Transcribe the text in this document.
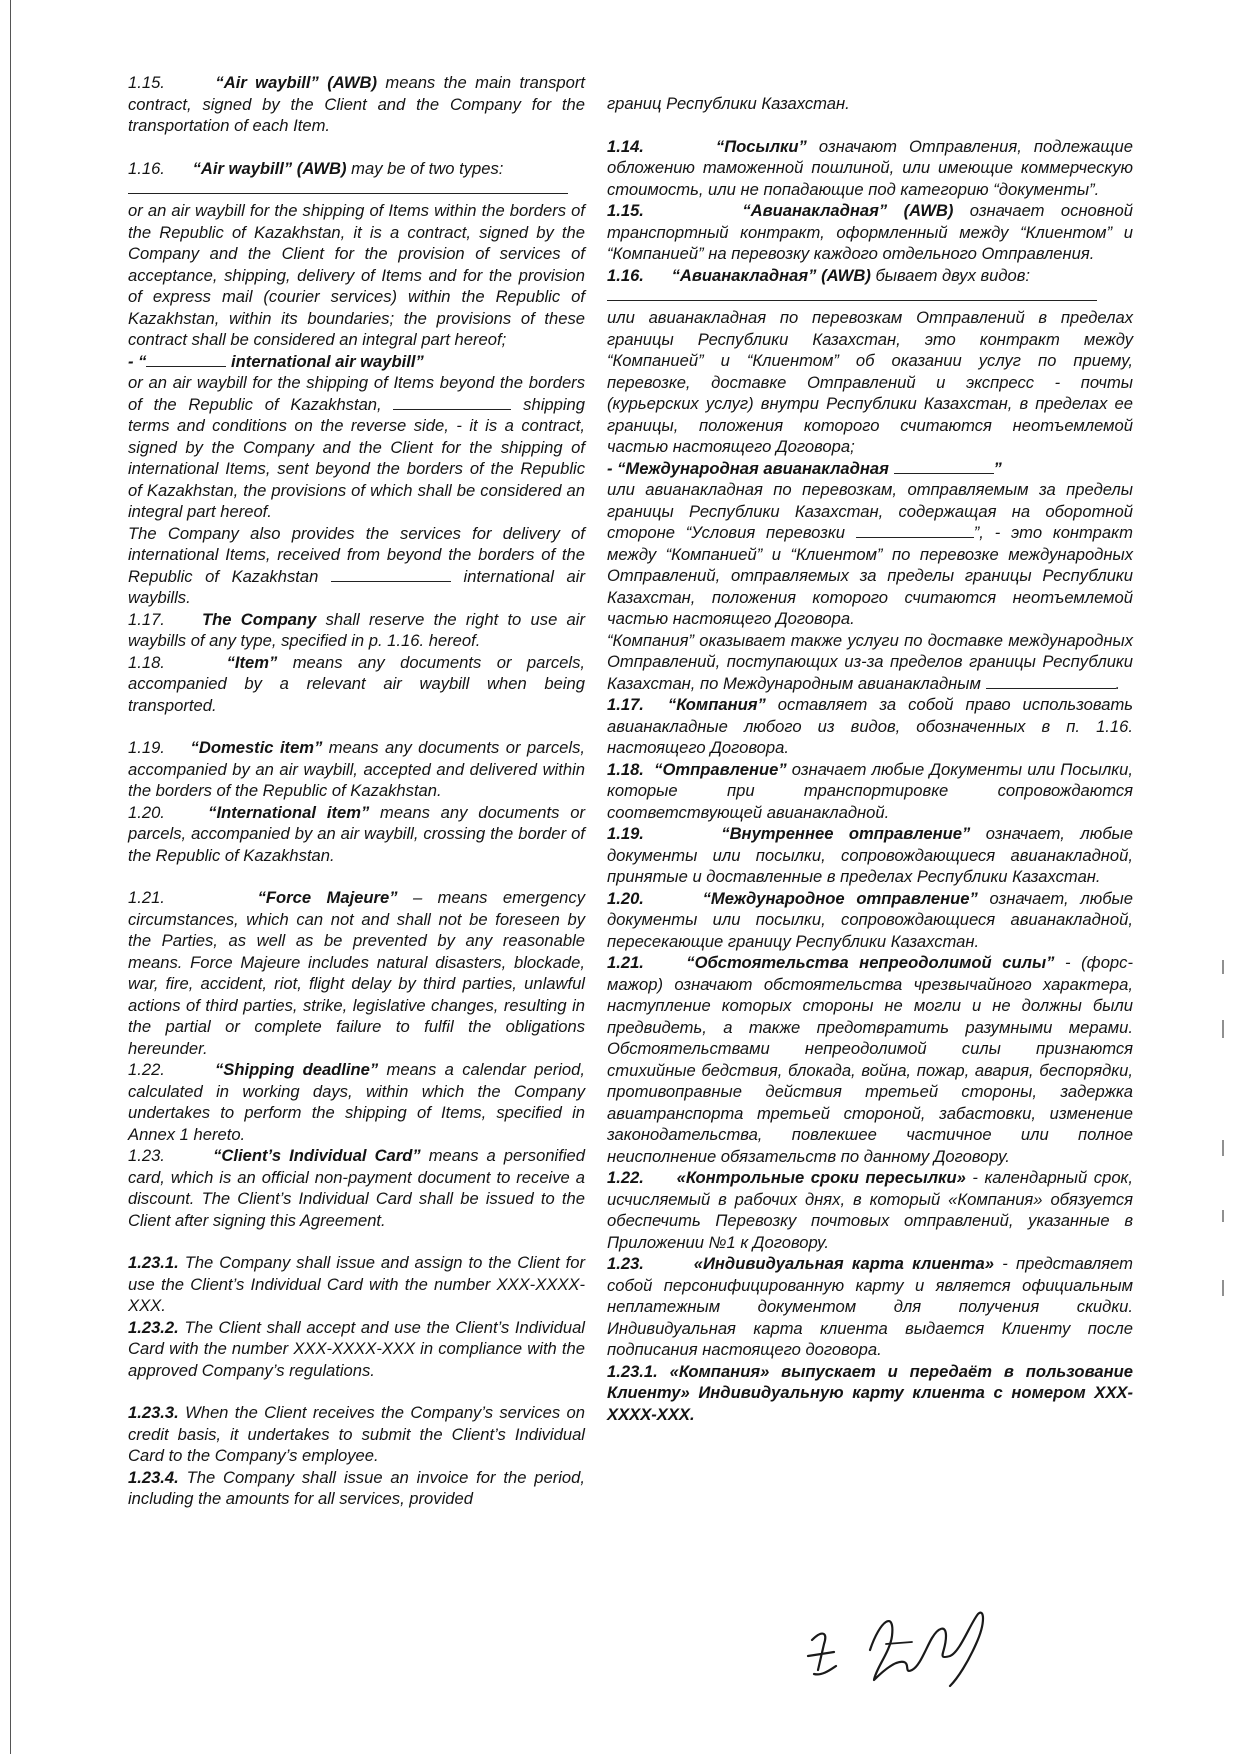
1.15.	“Air waybill” (AWB) means the main transport contract, signed by the Client and the Company for the transportation of each Item.

1.16. “Air waybill” (AWB) may be of two types:

or an air waybill for the shipping of Items within the borders of the Republic of Kazakhstan, it is a contract, signed by the Company and the Client for the provision of services of acceptance, shipping, delivery of Items and for the provision of express mail (courier services) within the Republic of Kazakhstan, within its boundaries; the provisions of these contract shall be considered an integral part hereof;

- “	international air waybill”

or an air waybill for the shipping of Items beyond the borders of the Republic of Kazakhstan,	shipping terms and conditions on the reverse side, - it is a contract, signed by the Company and the Client for the shipping of international Items, sent beyond the borders of the Republic of Kazakhstan, the provisions of which shall be considered an integral part hereof.

The Company also provides the services for delivery of international Items, received from beyond the borders of the Republic of Kazakhstan	international air waybills.

1.17. The Company shall reserve the right to use air waybills of any type, specified in p. 1.16. hereof.

1.18.	“Item” means any documents or parcels, accompanied by a relevant air waybill when being transported.

1.19. “Domestic item” means any documents or parcels, accompanied by an air waybill, accepted and delivered within the borders of the Republic of Kazakhstan.

1.20.	“International item” means any documents or parcels, accompanied by an air waybill, crossing the border of the Republic of Kazakhstan.

1.21.	“Force Majeure” – means emergency circumstances, which can not and shall not be foreseen by the Parties, as well as be prevented by any reasonable means. Force Majeure includes natural disasters, blockade, war, fire, accident, riot, flight delay by third parties, unlawful actions of third parties, strike, legislative changes, resulting in the partial or complete failure to fulfil the obligations hereunder.

1.22.	“Shipping deadline” means a calendar period, calculated in working days, within which the Company undertakes to perform the shipping of Items, specified in Annex 1 hereto.

1.23.	“Client’s Individual Card” means a personified card, which is an official non-payment document to receive a discount. The Client’s Individual Card shall be issued to the Client after signing this Agreement.

1.23.1. The Company shall issue and assign to the Client for use the Client’s Individual Card with the number XXX-XXXX-XXX.

1.23.2. The Client shall accept and use the Client’s Individual Card with the number XXX-XXXX-XXX in compliance with the approved Company’s regulations.

1.23.3. When the Client receives the Company’s services on credit basis, it undertakes to submit the Client’s Individual Card to the Company’s employee.

1.23.4. The Company shall issue an invoice for the period, including the amounts for all services, provided

границ Республики Казахстан.

1.14.	“Посылки” означают Отправления, подлежащие обложению таможенной пошлиной, или имеющие коммерческую стоимость, или не попадающие под категорию “документы”.

1.15.	“Авианакладная” (AWB) означает основной транспортный контракт, оформленный между “Клиентом” и “Компанией” на перевозку каждого отдельного Отправления.

1.16. “Авианакладная” (AWB) бывает двух видов:

или авианакладная по перевозкам Отправлений в пределах границы Республики Казахстан, это контракт между “Компанией” и “Клиентом” об оказании услуг по приему, перевозке, доставке Отправлений и экспресс - почты (курьерских услуг) внутри Республики Казахстан, в пределах ее границы, положения которого считаются неотъемлемой частью настоящего Договора;

- “Международная авианакладная	”

или авианакладная по перевозкам, отправляемым за пределы границы Республики Казахстан, содержащая на оборотной стороне “Условия перевозки	”, - это контракт между “Компанией” и “Клиентом” по перевозке международных Отправлений, отправляемых за пределы границы Республики Казахстан, положения которого считаются неотъемлемой частью настоящего Договора.

“Компания” оказывает также услуги по доставке международных Отправлений, поступающих из-за пределов границы Республики Казахстан, по Международным авианакладным	.

1.17. “Компания” оставляет за собой право использовать авианакладные любого из видов, обозначенных в п. 1.16. настоящего Договора.

1.18. “Отправление” означает любые Документы или Посылки, которые при транспортировке сопровождаются соответствующей авианакладной.

1.19.	“Внутреннее отправление” означает, любые документы или посылки, сопровождающиеся авианакладной, принятые и доставленные в пределах Республики Казахстан.

1.20.	“Международное отправление” означает, любые документы или посылки, сопровождающиеся авианакладной, пересекающие границу Республики Казахстан.

1.21.	“Обстоятельства непреодолимой силы” - (форс-мажор) означают обстоятельства чрезвычайного характера, наступление которых стороны не могли и не должны были предвидеть, а также предотвратить разумными мерами. Обстоятельствами непреодолимой силы признаются стихийные бедствия, блокада, война, пожар, авария, беспорядки, противоправные действия третьей стороны, задержка авиатранспорта третьей стороной, забастовки, изменение законодательства, повлекшее частичное или полное неисполнение обязательств по данному Договору.

1.22. «Контрольные сроки пересылки» - календарный срок, исчисляемый в рабочих днях, в который «Компания» обязуется обеспечить Перевозку почтовых отправлений, указанные в Приложении №1 к Договору.

1.23.	«Индивидуальная карта клиента» - представляет собой персонифицированную карту и является официальным неплатежным документом для получения скидки. Индивидуальная карта клиента выдается Клиенту после подписания настоящего договора.

1.23.1. «Компания» выпускает и передаёт в пользование Клиенту» Индивидуальную карту клиента с номером XXX-XXXX-XXX.
